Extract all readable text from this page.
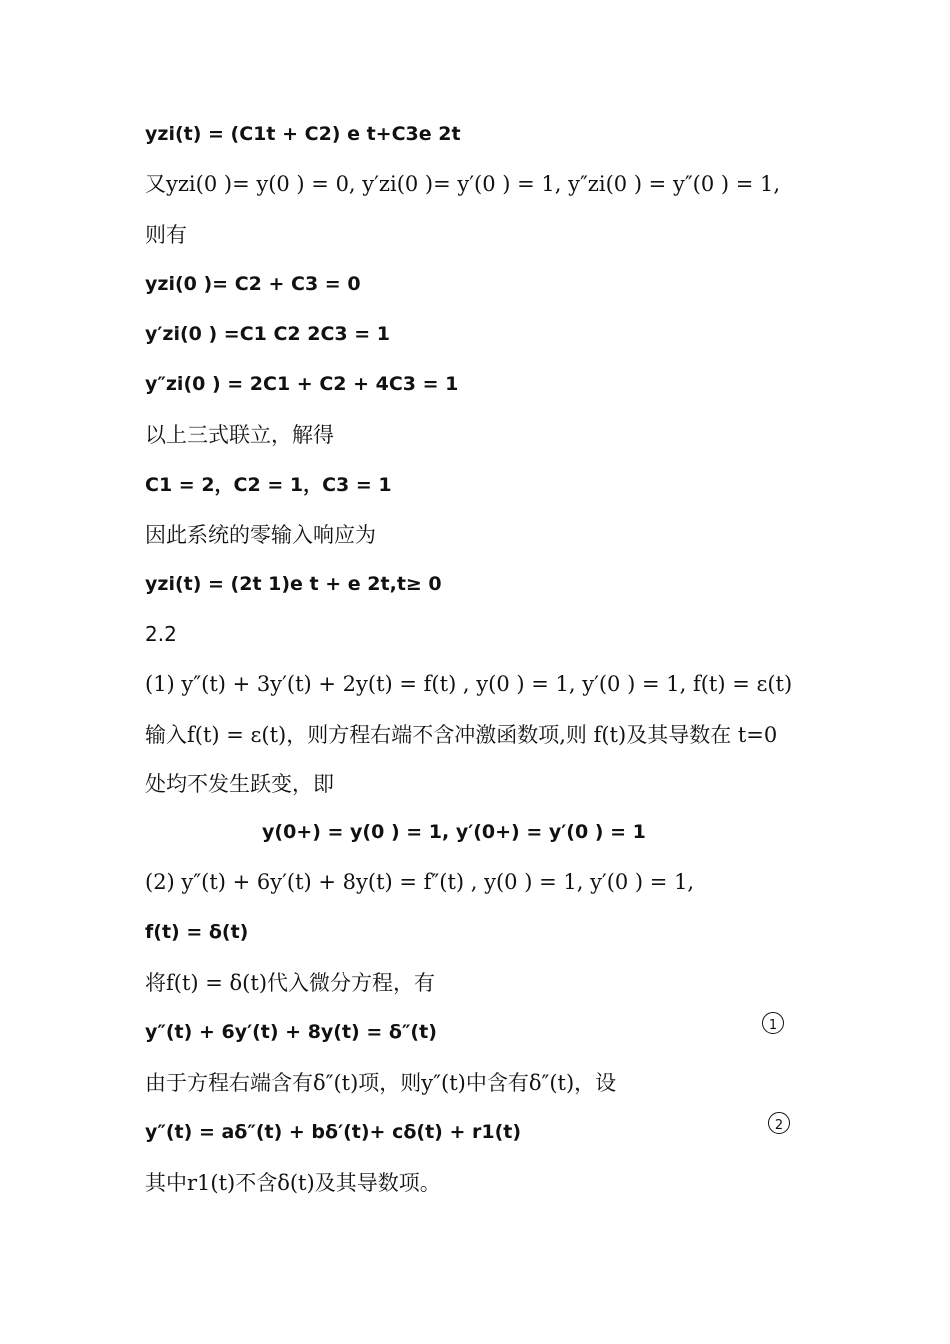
yzi(t) = (C1t + C2) e t+C3e 2t
又yzi(0 )= y(0 ) = 0, y′zi(0 )= y′(0 ) = 1, y″zi(0 ) = y″(0 ) = 1,
则有
yzi(0 )= C2 + C3 = 0
y′zi(0 ) =C1 C2 2C3 = 1
y″zi(0 ) = 2C1 + C2 + 4C3 = 1
以上三式联立，解得
C1 = 2，C2 = 1，C3 = 1
因此系统的零输入响应为
yzi(t) = (2t 1)e t + e 2t,t≥ 0
2.2
(1) y″(t) + 3y′(t) + 2y(t) = f(t) , y(0 ) = 1, y′(0 ) = 1, f(t) = ε(t)
输入f(t) = ε(t)，则方程右端不含冲激函数项,则 f(t)及其导数在 t=0
处均不发生跃变，即
y(0+) = y(0 ) = 1, y′(0+) = y′(0 ) = 1
(2) y″(t) + 6y′(t) + 8y(t) = f″(t) , y(0 ) = 1, y′(0 ) = 1,
f(t) = δ(t)
将f(t) = δ(t)代入微分方程，有
y″(t) + 6y′(t) + 8y(t) = δ″(t)	1
由于方程右端含有δ″(t)项，则y″(t)中含有δ″(t)，设
y″(t) = aδ″(t) + bδ′(t)+ cδ(t) + r1(t)	2
其中r1(t)不含δ(t)及其导数项。
